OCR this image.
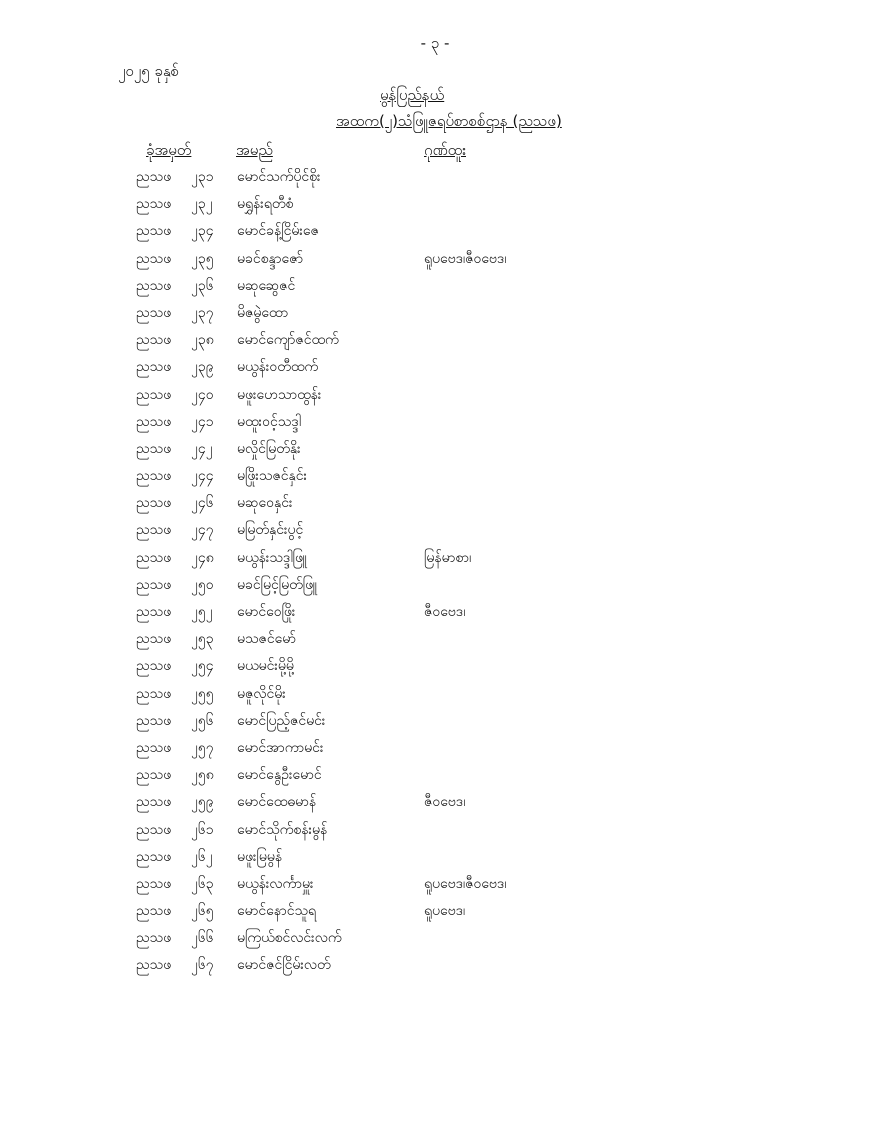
- ၃ -
၂၀၂၅ ခုနှစ်
မွန်ပြည်နယ်
အထက(၂)သံဖြူဇရပ်စာစစ်ဌာန (ညသဖ)
ခုံအမှတ်	အမည်	ဂုဏ်ထူး
ညသဖ ၂၃၁ မောင်သက်ပိုင်စိုး
ညသဖ ၂၃၂ မရွှန်းရတီစံ
ညသဖ ၂၃၄ မောင်ခန့်ငြိမ်းဇေ
ညသဖ ၂၃၅ မခင်စန္ဒာဇော်	ရူပဗေဒ၊ဇီဝဗေဒ၊
ညသဖ ၂၃၆ မဆုဆွေဇင်
ညသဖ ၂၃၇ မိဇမွဲထော
ညသဖ ၂၃၈ မောင်ကျော်ဇင်ထက်
ညသဖ ၂၃၉ မယွန်းဝတီထက်
ညသဖ ၂၄၀ မဖူးဟေသာထွန်း
ညသဖ ၂၄၁ မထူးဝင့်သဒ္ဒါ
ညသဖ ၂၄၂ မလှိုင်မြတ်နိုး
ညသဖ ၂၄၄ မဖြိုးသဇင်နှင်း
ညသဖ ၂၄၆ မဆုဝေနှင်း
ညသဖ ၂၄၇ မမြတ်နှင်းပွင့်
ညသဖ ၂၄၈ မယွန်းသဒ္ဒါဖြူ	မြန်မာစာ၊
ညသဖ ၂၅၀ မခင်မြင့်မြတ်ဖြူ
ညသဖ ၂၅၂ မောင်ဝေဖြိုး	ဇီဝဗေဒ၊
ညသဖ ၂၅၃ မသဇင်မော်
ညသဖ ၂၅၄ မယမင်းမို့မို့
ညသဖ ၂၅၅ မဇူလိုင်မိုး
ညသဖ ၂၅၆ မောင်ပြည့်ဇင်မင်း
ညသဖ ၂၅၇ မောင်အာကာမင်း
ညသဖ ၂၅၈ မောင်နွေဦးမောင်
ညသဖ ၂၅၉ မောင်ထေဓမာန်	ဇီဝဗေဒ၊
ညသဖ ၂၆၁ မောင်သိုက်စန်းမွန်
ညသဖ ၂၆၂ မဖူးမြမွန်
ညသဖ ၂၆၃ မယွန်းလင်္ကာမှူး	ရူပဗေဒ၊ဇီဝဗေဒ၊
ညသဖ ၂၆၅ မောင်နောင်သူရ	ရူပဗေဒ၊
ညသဖ ၂၆၆ မကြယ်စင်လင်းလက်
ညသဖ ၂၆၇ မောင်ဇင်ငြိမ်းလတ်
